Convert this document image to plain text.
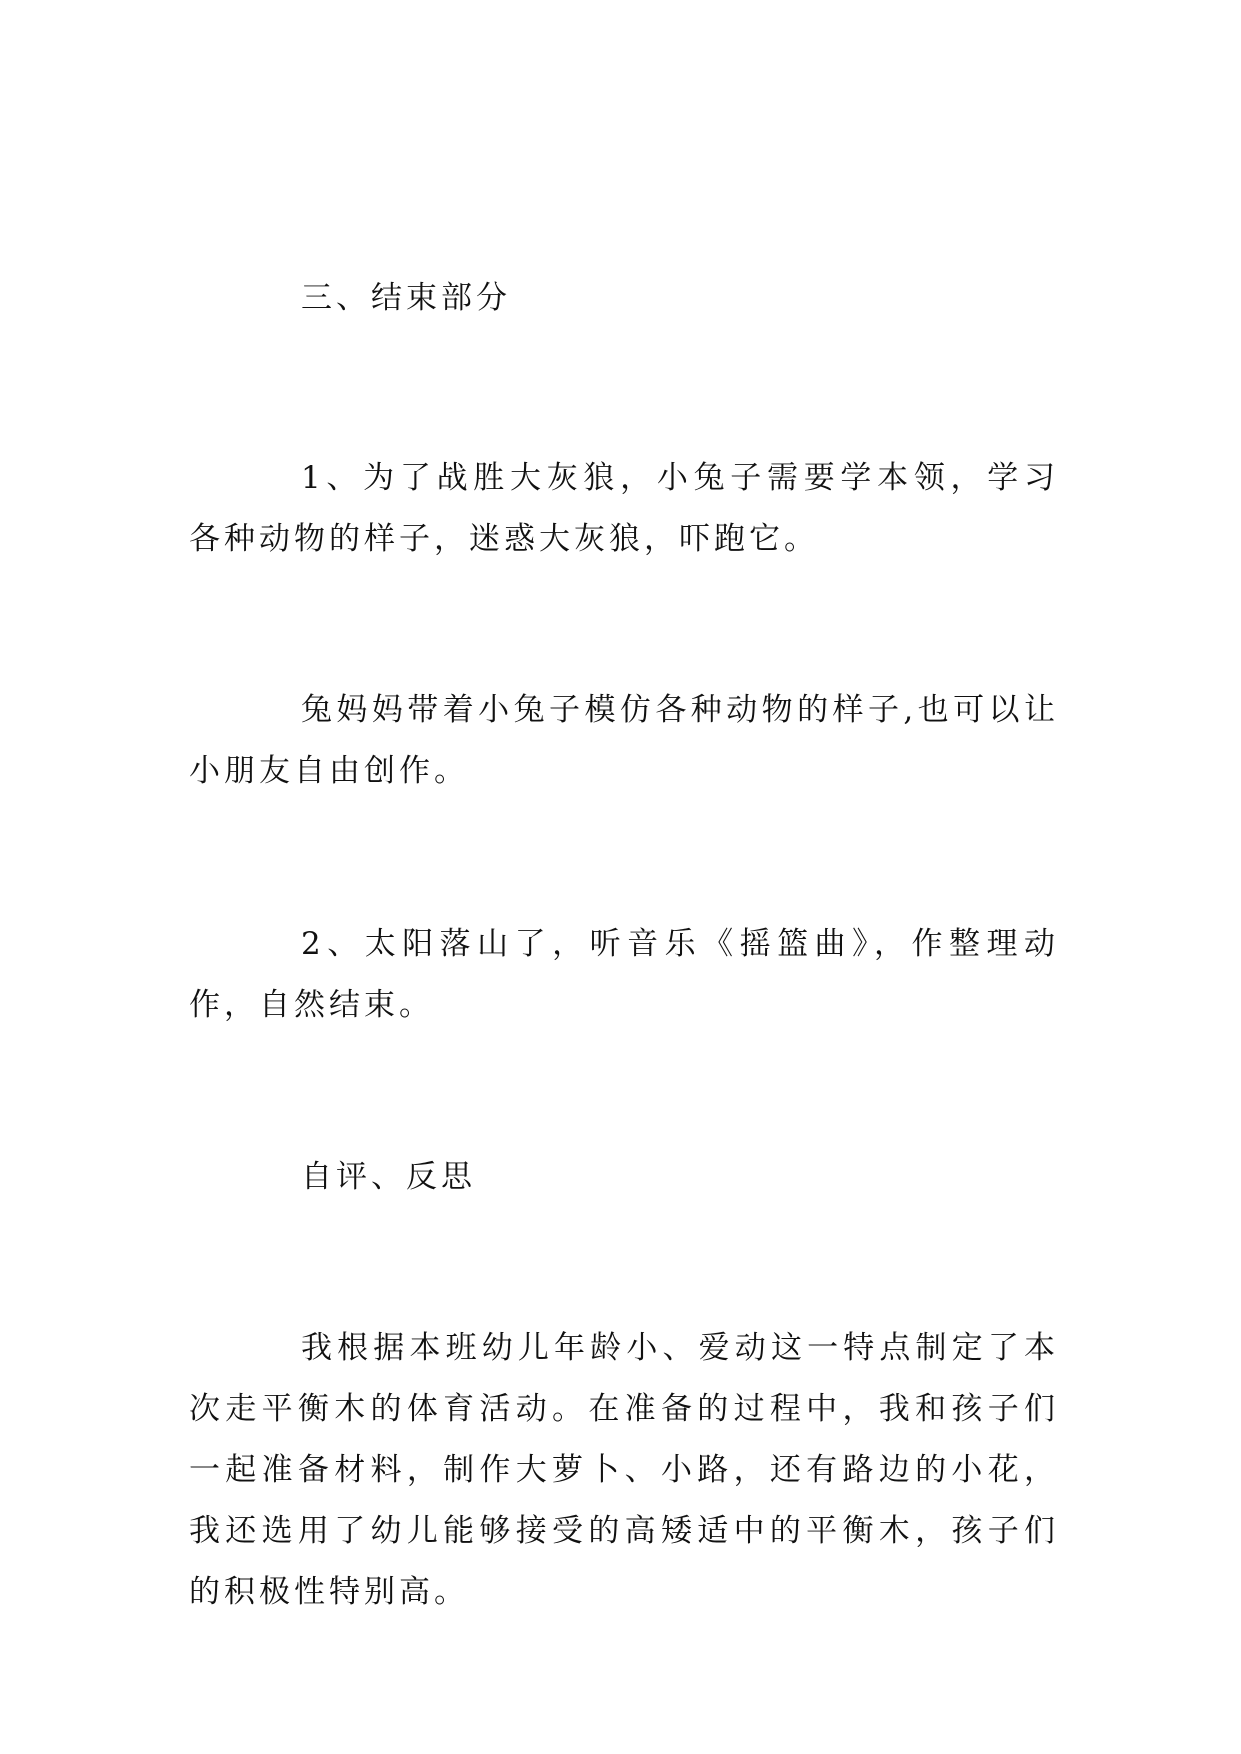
三、结束部分

1、为了战胜大灰狼，小兔子需要学本领，学习各种动物的样子，迷惑大灰狼，吓跑它。

兔妈妈带着小兔子模仿各种动物的样子,也可以让小朋友自由创作。

2、太阳落山了，听音乐《摇篮曲》，作整理动作，自然结束。

自评、反思

我根据本班幼儿年龄小、爱动这一特点制定了本次走平衡木的体育活动。在准备的过程中，我和孩子们一起准备材料，制作大萝卜、小路，还有路边的小花，我还选用了幼儿能够接受的高矮适中的平衡木，孩子们的积极性特别高。
